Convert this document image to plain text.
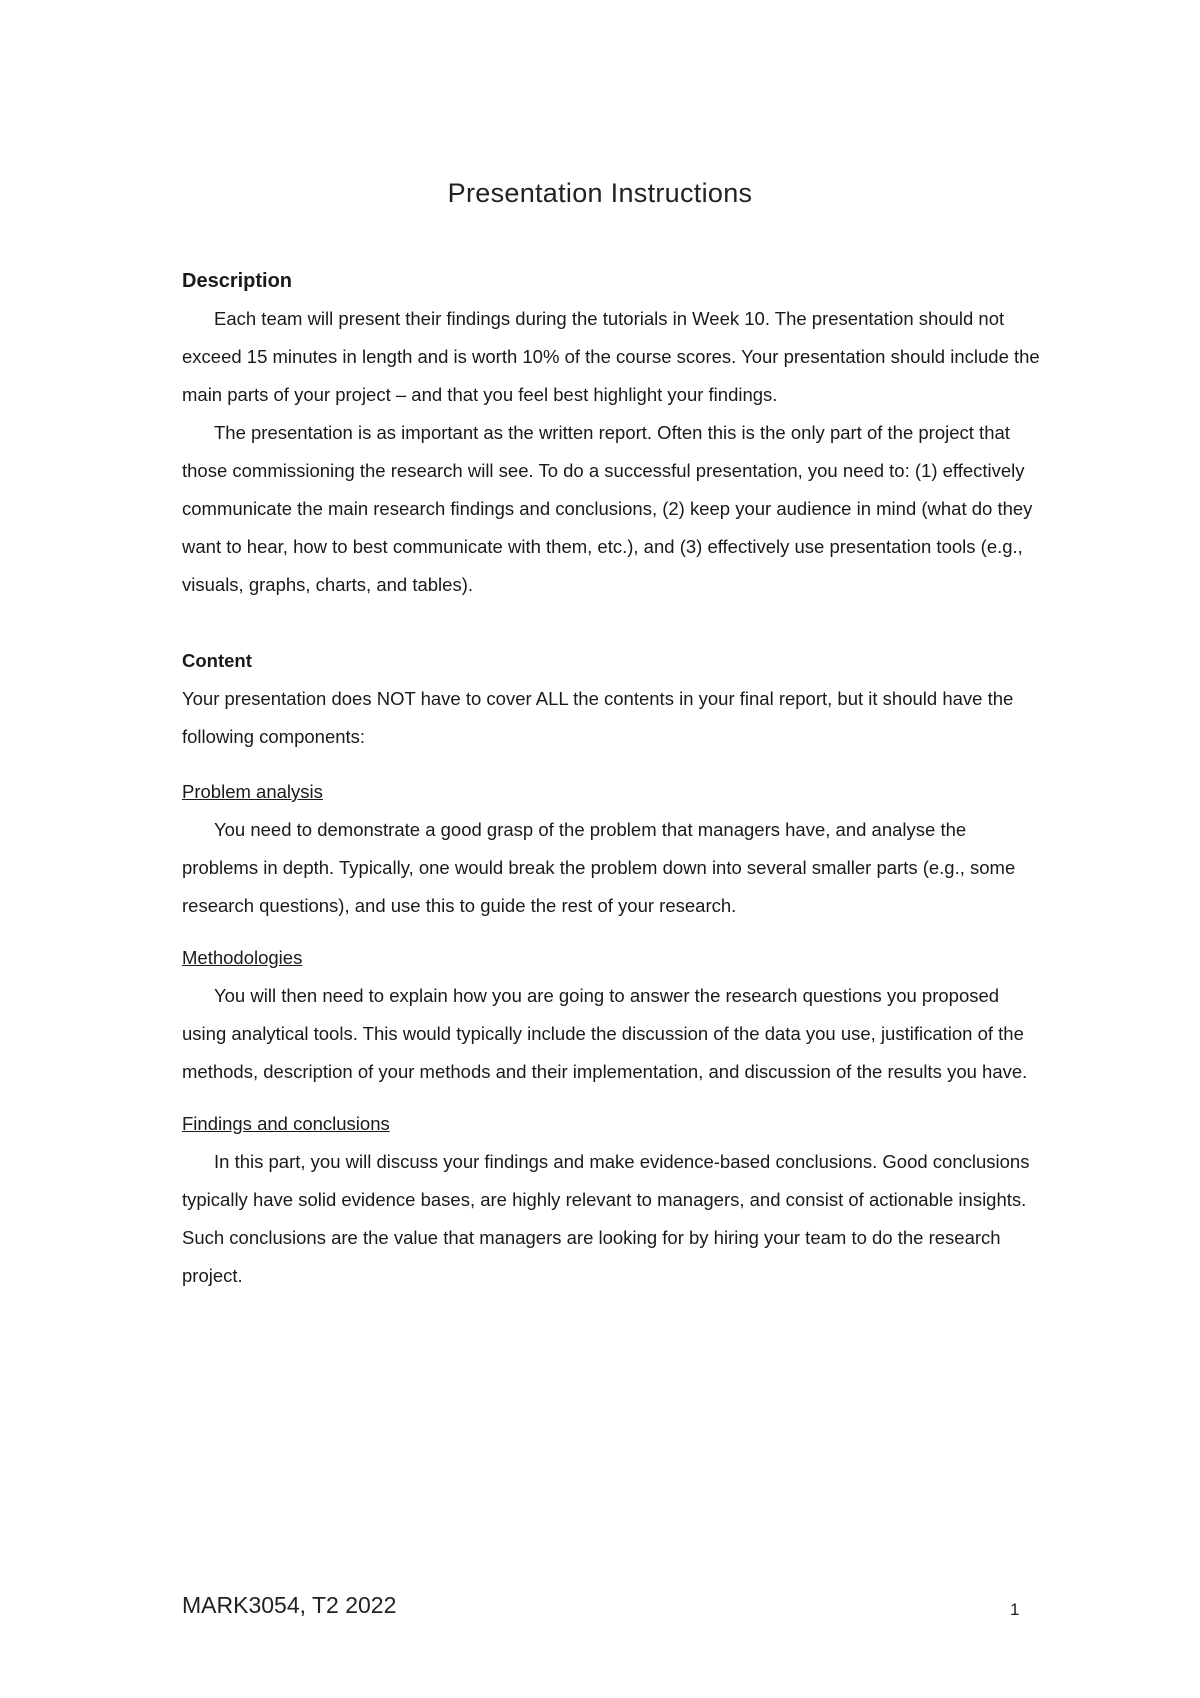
Presentation Instructions

Description

Each team will present their findings during the tutorials in Week 10. The presentation should not exceed 15 minutes in length and is worth 10% of the course scores. Your presentation should include the main parts of your project – and that you feel best highlight your findings.

The presentation is as important as the written report. Often this is the only part of the project that those commissioning the research will see. To do a successful presentation, you need to: (1) effectively communicate the main research findings and conclusions, (2) keep your audience in mind (what do they want to hear, how to best communicate with them, etc.), and (3) effectively use presentation tools (e.g., visuals, graphs, charts, and tables).

Content

Your presentation does NOT have to cover ALL the contents in your final report, but it should have the following components:

Problem analysis

You need to demonstrate a good grasp of the problem that managers have, and analyse the problems in depth. Typically, one would break the problem down into several smaller parts (e.g., some research questions), and use this to guide the rest of your research.

Methodologies

You will then need to explain how you are going to answer the research questions you proposed using analytical tools. This would typically include the discussion of the data you use, justification of the methods, description of your methods and their implementation, and discussion of the results you have.

Findings and conclusions

In this part, you will discuss your findings and make evidence-based conclusions. Good conclusions typically have solid evidence bases, are highly relevant to managers, and consist of actionable insights. Such conclusions are the value that managers are looking for by hiring your team to do the research project.

MARK3054, T2 2022	1
